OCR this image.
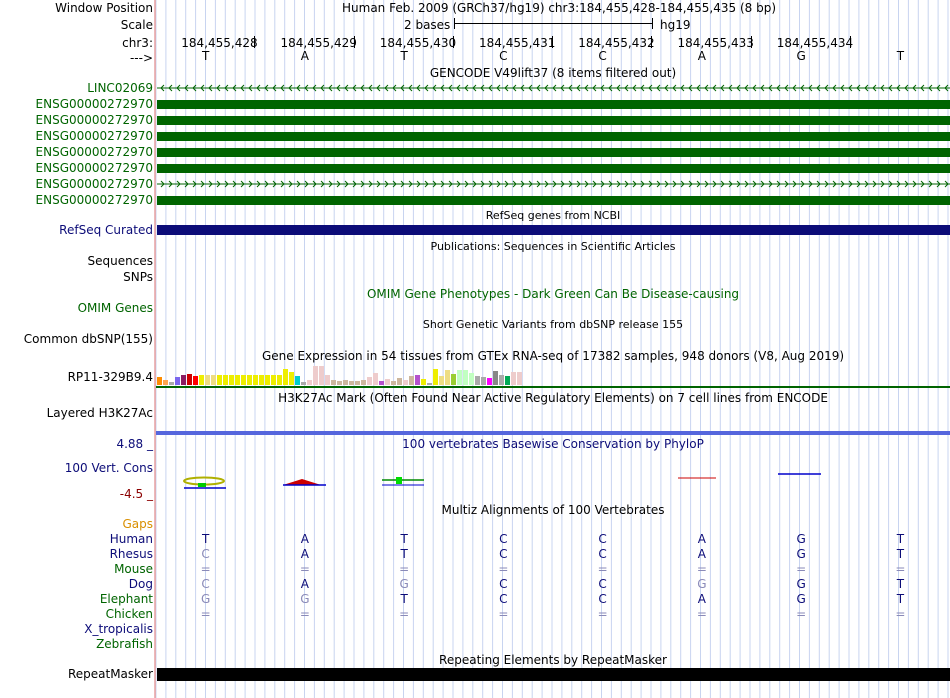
Window Position	Human Feb. 2009 (GRCh37/hg19) chr3:184,455,428-184,455,435 (8 bp)
Scale	2 bases	hg19
chr3: 184,455,428 184,455,429 184,455,430 184,455,431 184,455,432 184,455,433 184,455,434
--->	T	A	T	C	C	A	G	T
GENCODE V49lift37 (8 items filtered out)
LINC02069
ENSG00000272970
ENSG00000272970
ENSG00000272970
ENSG00000272970
ENSG00000272970
ENSG00000272970
ENSG00000272970
RefSeq genes from NCBI
RefSeq Curated
Publications: Sequences in Scientific Articles
Sequences
SNPs
OMIM Gene Phenotypes - Dark Green Can Be Disease-causing
OMIM Genes
Short Genetic Variants from dbSNP release 155
Common dbSNP(155)
Gene Expression in 54 tissues from GTEx RNA-seq of 17382 samples, 948 donors (V8, Aug 2019)
RP11-329B9.4
H3K27Ac Mark (Often Found Near Active Regulatory Elements) on 7 cell lines from ENCODE
Layered H3K27Ac
4.88 _	100 vertebrates Basewise Conservation by PhyloP
100 Vert. Cons
-4.5 _
Multiz Alignments of 100 Vertebrates
Gaps
Human	T	A	T	C	C	A	G	T
Rhesus	C	A	T	C	C	A	G	T
Mouse	=	=	=	=	=	=	=	=
Dog	C	A	G	C	C	G	G	T
Elephant	G	G	T	C	C	A	G	T
Chicken	=	=	=	=	=	=	=	=
X_tropicalis
Zebrafish
Repeating Elements by RepeatMasker
RepeatMasker
